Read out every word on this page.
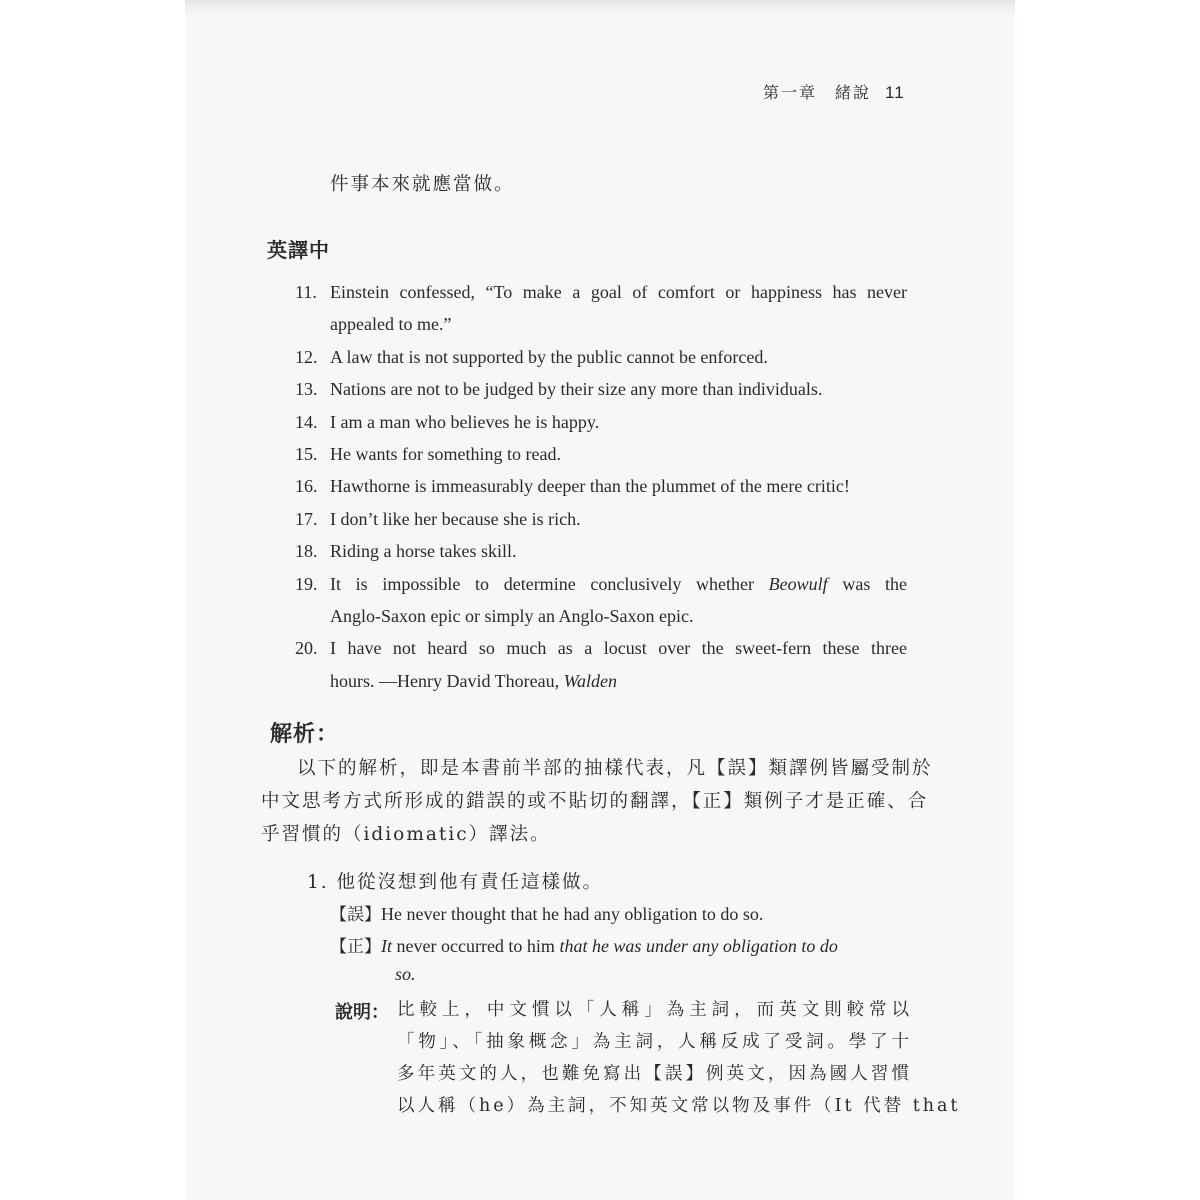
第一章　緒說 11
件事本來就應當做。
英譯中
11. Einstein confessed, “To make a goal of comfort or happiness has never
appealed to me.”
12. A law that is not supported by the public cannot be enforced.
13. Nations are not to be judged by their size any more than individuals.
14. I am a man who believes he is happy.
15. He wants for something to read.
16. Hawthorne is immeasurably deeper than the plummet of the mere critic!
17. I don’t like her because she is rich.
18. Riding a horse takes skill.
19. It is impossible to determine conclusively whether Beowulf was the
Anglo-Saxon epic or simply an Anglo-Saxon epic.
20. I have not heard so much as a locust over the sweet-fern these three
hours. —Henry David Thoreau, Walden
解析：
以下的解析，即是本書前半部的抽樣代表，凡【誤】類譯例皆屬受制於
中文思考方式所形成的錯誤的或不貼切的翻譯，【正】類例子才是正確、合
乎習慣的（idiomatic）譯法。
1. 他從沒想到他有責任這樣做。
【誤】He never thought that he had any obligation to do so.
【正】It never occurred to him that he was under any obligation to do
so.
說明： 比較上，中文慣以「人稱」為主詞，而英文則較常以
「物」、「抽象概念」為主詞，人稱反成了受詞。學了十
多年英文的人，也難免寫出【誤】例英文，因為國人習慣
以人稱（he）為主詞，不知英文常以物及事件（It 代替 that
